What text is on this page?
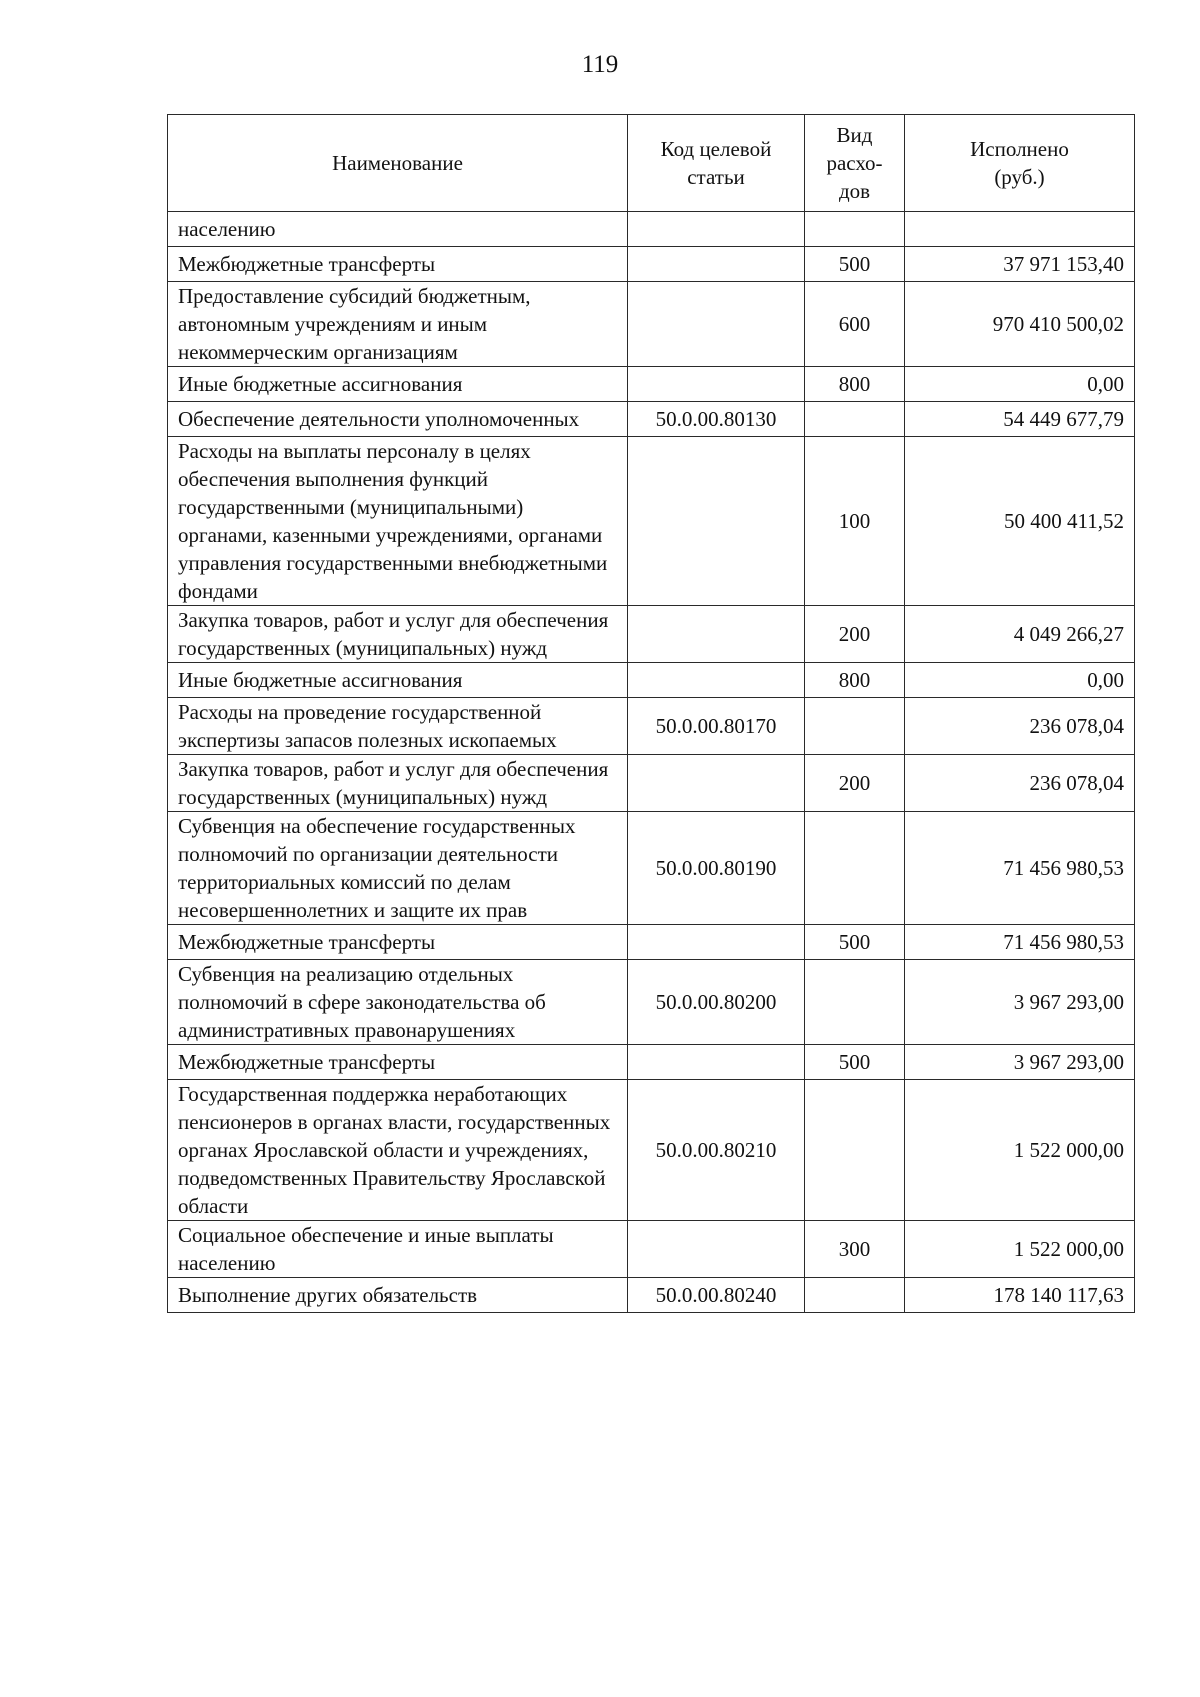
119
Наименование	Код целевой статьи	Вид расхо-дов	Исполнено (руб.)
населению			
Межбюджетные трансферты		500	37 971 153,40
Предоставление субсидий бюджетным, автономным учреждениям и иным некоммерческим организациям		600	970 410 500,02
Иные бюджетные ассигнования		800	0,00
Обеспечение деятельности уполномоченных	50.0.00.80130		54 449 677,79
Расходы на выплаты персоналу в целях обеспечения выполнения функций государственными (муниципальными) органами, казенными учреждениями, органами управления государственными внебюджетными фондами		100	50 400 411,52
Закупка товаров, работ и услуг для обеспечения государственных (муниципальных) нужд		200	4 049 266,27
Иные бюджетные ассигнования		800	0,00
Расходы на проведение государственной экспертизы запасов полезных ископаемых	50.0.00.80170		236 078,04
Закупка товаров, работ и услуг для обеспечения государственных (муниципальных) нужд		200	236 078,04
Субвенция на обеспечение государственных полномочий по организации деятельности территориальных комиссий по делам несовершеннолетних и защите их прав	50.0.00.80190		71 456 980,53
Межбюджетные трансферты		500	71 456 980,53
Субвенция на реализацию отдельных полномочий в сфере законодательства об административных правонарушениях	50.0.00.80200		3 967 293,00
Межбюджетные трансферты		500	3 967 293,00
Государственная поддержка неработающих пенсионеров в органах власти, государственных органах Ярославской области и учреждениях, подведомственных Правительству Ярославской области	50.0.00.80210		1 522 000,00
Социальное обеспечение и иные выплаты населению		300	1 522 000,00
Выполнение других обязательств	50.0.00.80240		178 140 117,63
